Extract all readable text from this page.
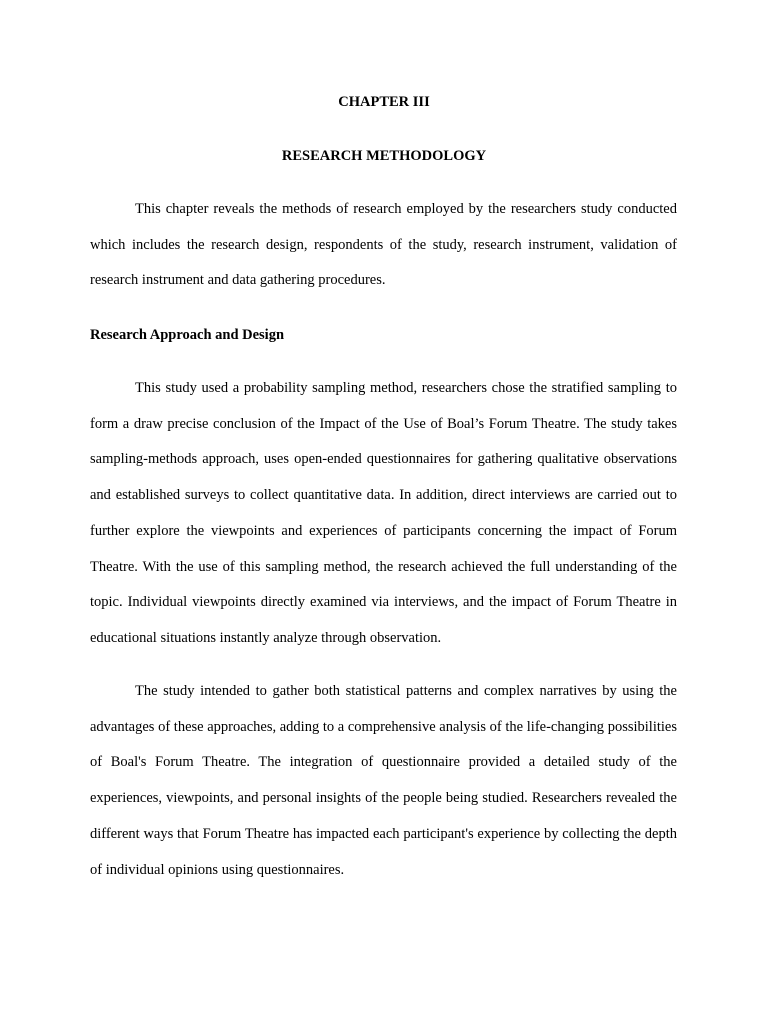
CHAPTER III
RESEARCH METHODOLOGY

This chapter reveals the methods of research employed by the researchers study conducted which includes the research design, respondents of the study, research instrument, validation of research instrument and data gathering procedures.

Research Approach and Design

This study used a probability sampling method, researchers chose the stratified sampling to form a draw precise conclusion of the Impact of the Use of Boal’s Forum Theatre. The study takes sampling-methods approach, uses open-ended questionnaires for gathering qualitative observations and established surveys to collect quantitative data. In addition, direct interviews are carried out to further explore the viewpoints and experiences of participants concerning the impact of Forum Theatre. With the use of this sampling method, the research achieved the full understanding of the topic. Individual viewpoints directly examined via interviews, and the impact of Forum Theatre in educational situations instantly analyze through observation.

The study intended to gather both statistical patterns and complex narratives by using the advantages of these approaches, adding to a comprehensive analysis of the life-changing possibilities of Boal's Forum Theatre. The integration of questionnaire provided a detailed study of the experiences, viewpoints, and personal insights of the people being studied. Researchers revealed the different ways that Forum Theatre has impacted each participant's experience by collecting the depth of individual opinions using questionnaires.
